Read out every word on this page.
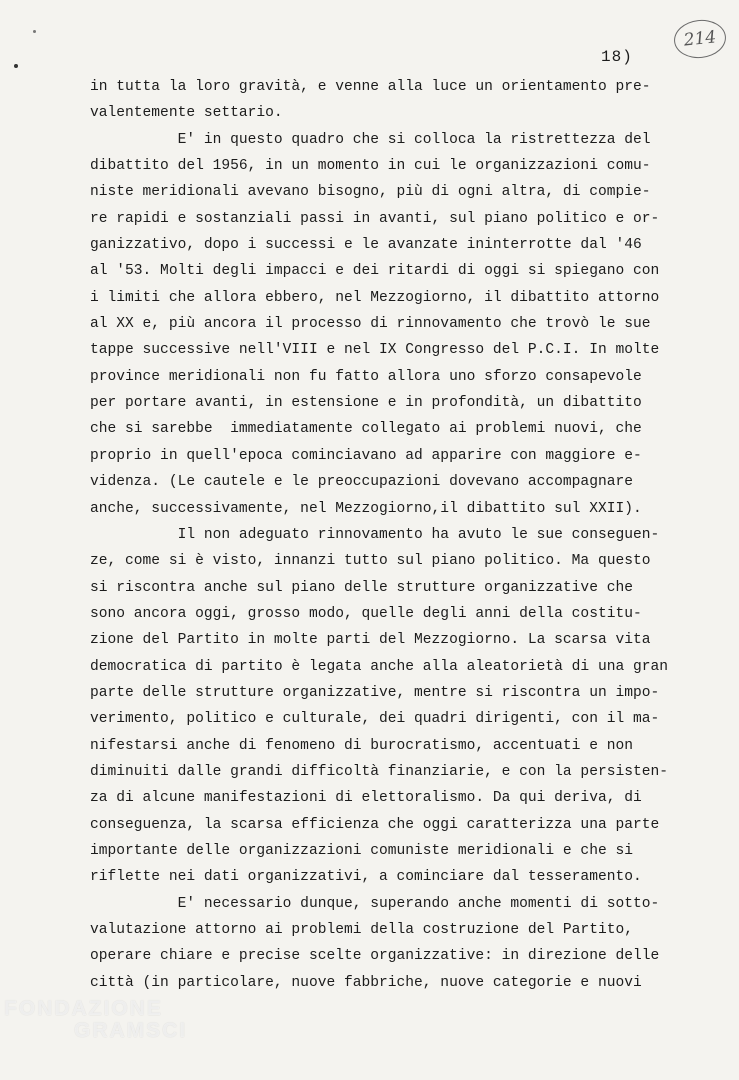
214
18)
in tutta la loro gravità, e venne alla luce un orientamento pre-
valentemente settario.
E' in questo quadro che si colloca la ristrettezza del
dibattito del 1956, in un momento in cui le organizzazioni comu-
niste meridionali avevano bisogno, più di ogni altra, di compie-
re rapidi e sostanziali passi in avanti, sul piano politico e or-
ganizzativo, dopo i successi e le avanzate ininterrotte dal '46
al '53. Molti degli impacci e dei ritardi di oggi si spiegano con
i limiti che allora ebbero, nel Mezzogiorno, il dibattito attorno
al XX e, più ancora il processo di rinnovamento che trovò le sue
tappe successive nell'VIII e nel IX Congresso del P.C.I. In molte
province meridionali non fu fatto allora uno sforzo consapevole
per portare avanti, in estensione e in profondità, un dibattito
che si sarebbe  immediatamente collegato ai problemi nuovi, che
proprio in quell'epoca cominciavano ad apparire con maggiore e-
videnza. (Le cautele e le preoccupazioni dovevano accompagnare
anche, successivamente, nel Mezzogiorno,il dibattito sul XXII).
Il non adeguato rinnovamento ha avuto le sue conseguen-
ze, come si è visto, innanzi tutto sul piano politico. Ma questo
si riscontra anche sul piano delle strutture organizzative che
sono ancora oggi, grosso modo, quelle degli anni della costitu-
zione del Partito in molte parti del Mezzogiorno. La scarsa vita
democratica di partito è legata anche alla aleatorietà di una gran
parte delle strutture organizzative, mentre si riscontra un impo-
verimento, politico e culturale, dei quadri dirigenti, con il ma-
nifestarsi anche di fenomeno di burocratismo, accentuati e non
diminuiti dalle grandi difficoltà finanziarie, e con la persisten-
za di alcune manifestazioni di elettoralismo. Da qui deriva, di
conseguenza, la scarsa efficienza che oggi caratterizza una parte
importante delle organizzazioni comuniste meridionali e che si
riflette nei dati organizzativi, a cominciare dal tesseramento.
E' necessario dunque, superando anche momenti di sotto-
valutazione attorno ai problemi della costruzione del Partito,
operare chiare e precise scelte organizzative: in direzione delle
città (in particolare, nuove fabbriche, nuove categorie e nuovi
FONDAZIONE
GRAMSCI
